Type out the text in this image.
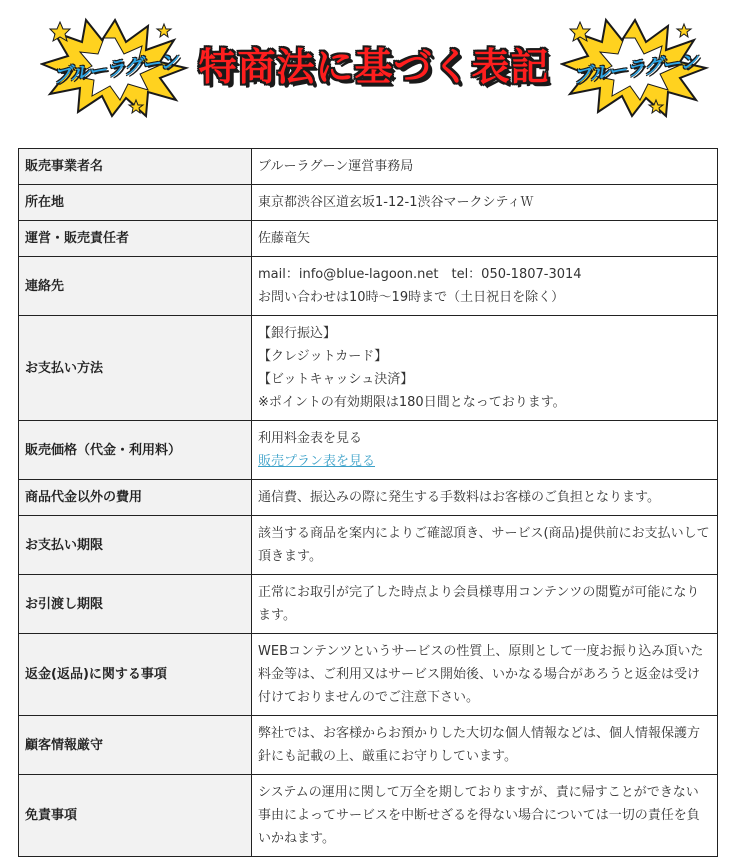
ブルーラグーン 特商法に基づく表記	ブルーラグーン
販売事業者名	ブルーラグーン運営事務局

所在地	東京都渋谷区道玄坂1-12-1渋谷マークシティＷ

運営・販売責任者	佐藤竜矢

連絡先	mail：info@blue-lagoon.net　tel：050-1807-3014
お問い合わせは10時～19時まで（土日祝日を除く）

お支払い方法	【銀行振込】
【クレジットカード】
【ビットキャッシュ決済】
※ポイントの有効期限は180日間となっております。

販売価格（代金・利用料）	利用料金表を見る
販売プラン表を見る

商品代金以外の費用	通信費、振込みの際に発生する手数料はお客様のご負担となります。
お支払い期限	該当する商品を案内によりご確認頂き、サービス(商品)提供前にお支払いして頂きます。
お引渡し期限	正常にお取引が完了した時点より会員様専用コンテンツの閲覧が可能になります。
返金(返品)に関する事項	WEBコンテンツというサービスの性質上、原則として一度お振り込み頂いた料金等は、ご利用又はサービス開始後、いかなる場合があろうと返金は受け付けておりませんのでご注意下さい。
顧客情報厳守	弊社では、お客様からお預かりした大切な個人情報などは、個人情報保護方針にも記載の上、厳重にお守りしています。
免責事項	システムの運用に関して万全を期しておりますが、責に帰すことができない事由によってサービスを中断せざるを得ない場合については一切の責任を負いかねます。
